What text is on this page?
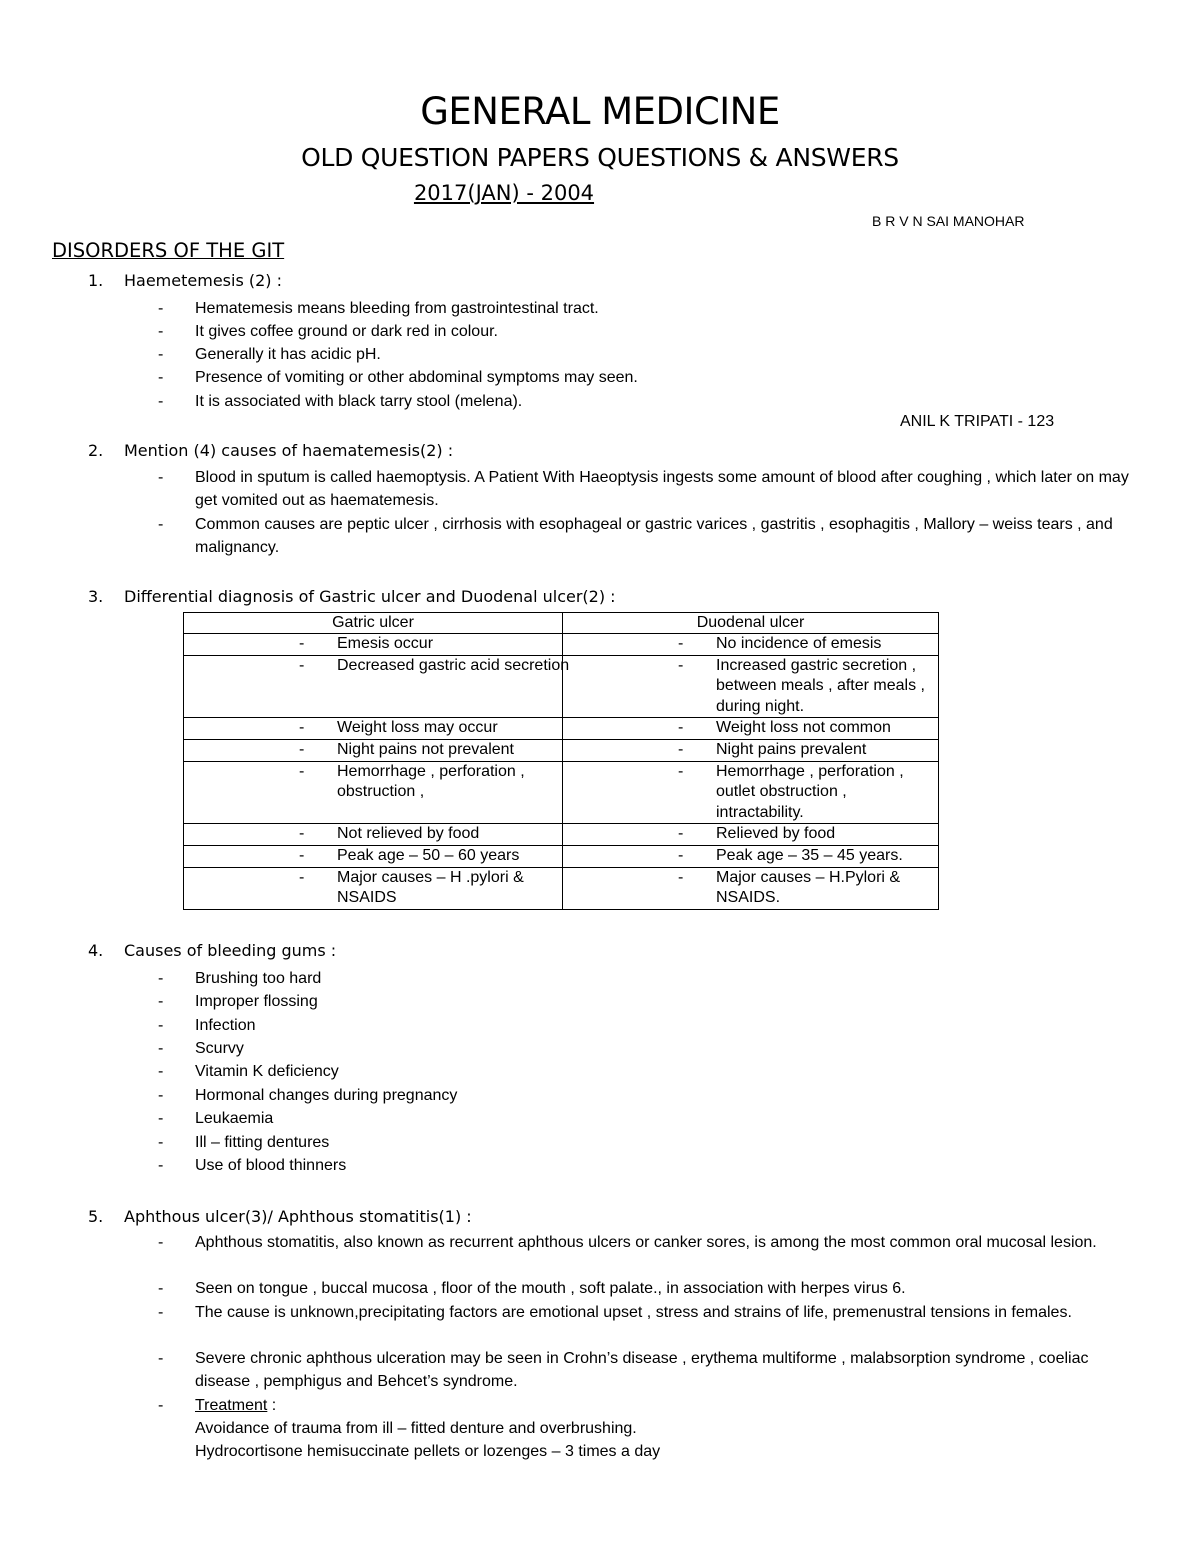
GENERAL MEDICINE
OLD QUESTION PAPERS QUESTIONS & ANSWERS
2017(JAN) - 2004
B R V N SAI MANOHAR
DISORDERS OF THE GIT
1. Haemetemesis (2) :
- Hematemesis means bleeding from gastrointestinal tract.
- It gives coffee ground or dark red in colour.
- Generally it has acidic pH.
- Presence of vomiting or other abdominal symptoms may seen.
- It is associated with black tarry stool (melena).
ANIL K TRIPATI - 123
2. Mention (4) causes of haematemesis(2) :
- Blood in sputum is called haemoptysis. A Patient With Haeoptysis ingests some amount of blood after coughing , which later on may get vomited out as haematemesis.
- Common causes are peptic ulcer , cirrhosis with esophageal or gastric varices , gastritis , esophagitis , Mallory – weiss tears , and malignancy.
3. Differential diagnosis of Gastric ulcer and Duodenal ulcer(2) :
Gatric ulcer	Duodenal ulcer

- Emesis occur	- No incidence of emesis

- Decreased gastric acid secretion	- Increased gastric secretion , between meals , after meals , during night.

- Weight loss may occur	- Weight loss not common

- Night pains not prevalent	- Night pains prevalent

- Hemorrhage , perforation , obstruction ,	- Hemorrhage , perforation , outlet obstruction , intractability.

- Not relieved by food	- Relieved by food

- Peak age – 50 – 60 years	- Peak age – 35 – 45 years.

- Major causes – H .pylori & NSAIDS	- Major causes – H.Pylori & NSAIDS.
4. Causes of bleeding gums :
- Brushing too hard
- Improper flossing
- Infection
- Scurvy
- Vitamin K deficiency
- Hormonal changes during pregnancy
- Leukaemia
- Ill – fitting dentures
- Use of blood thinners
5. Aphthous ulcer(3)/ Aphthous stomatitis(1) :
- Aphthous stomatitis, also known as recurrent aphthous ulcers or canker sores, is among the most common oral mucosal lesion.
- Seen on tongue , buccal mucosa , floor of the mouth , soft palate., in association with herpes virus 6.
- The cause is unknown,precipitating factors are emotional upset , stress and strains of life, premenustral tensions in females.
- Severe chronic aphthous ulceration may be seen in Crohn’s disease , erythema multiforme , malabsorption syndrome , coeliac disease , pemphigus and Behcet’s syndrome.
- Treatment :
Avoidance of trauma from ill – fitted denture and overbrushing.
Hydrocortisone hemisuccinate pellets or lozenges – 3 times a day
